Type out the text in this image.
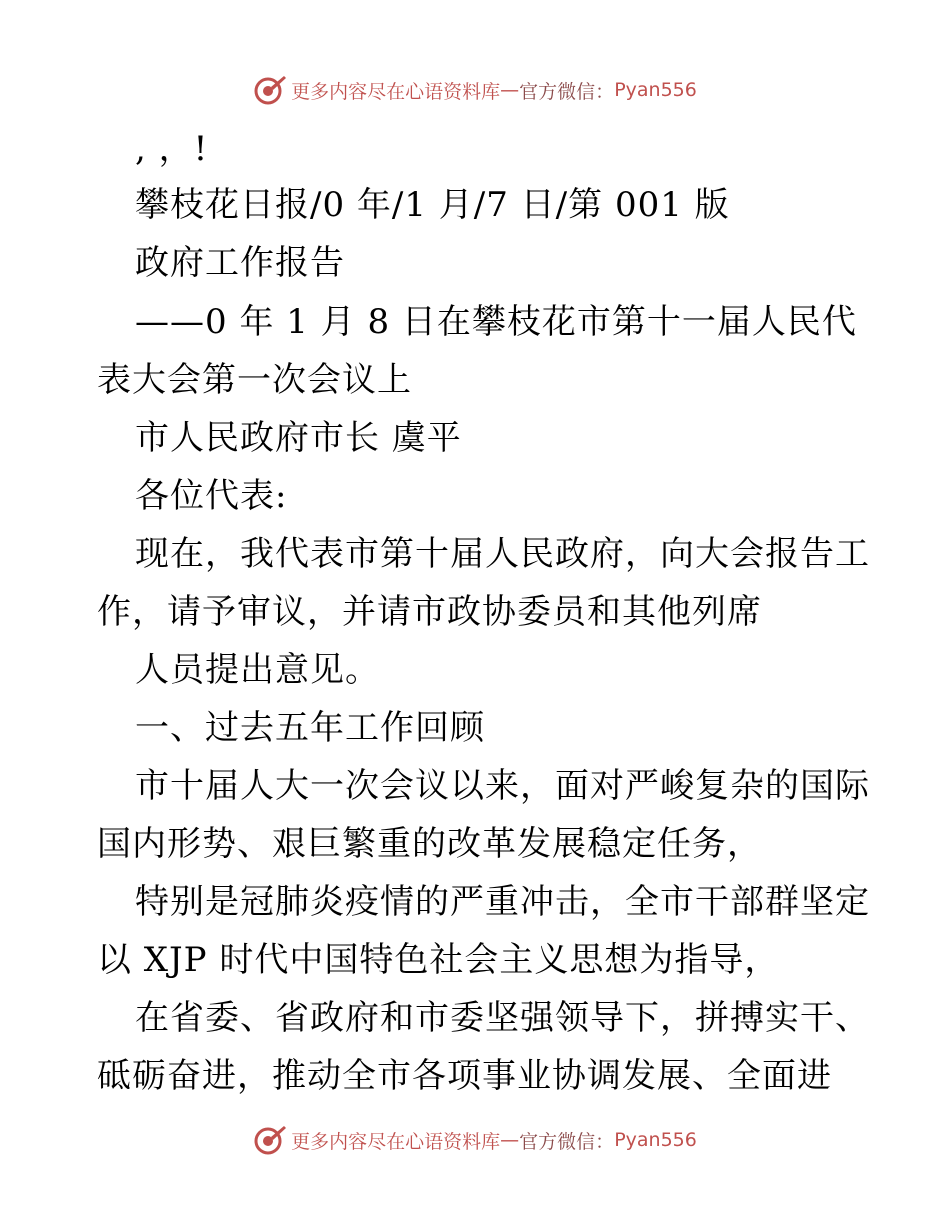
更多内容尽在心语资料库 — 官方微信： Pyan556
, ，!
攀枝花日报/0 年/1 月/7 日/第 001 版
政府工作报告
——0 年 1 月 8 日在攀枝花市第十一届人民代
表大会第一次会议上
市人民政府市长 虞平
各位代表:
现在，我代表市第十届人民政府，向大会报告工
作，请予审议，并请市政协委员和其他列席
人员提出意见。
一、过去五年工作回顾
市十届人大一次会议以来，面对严峻复杂的国际
国内形势、艰巨繁重的改革发展稳定任务，
特别是冠肺炎疫情的严重冲击，全市干部群坚定
以 XJP 时代中国特色社会主义思想为指导，
在省委、省政府和市委坚强领导下，拼搏实干、
砥砺奋进，推动全市各项事业协调发展、全面进
更多内容尽在心语资料库 — 官方微信： Pyan556
